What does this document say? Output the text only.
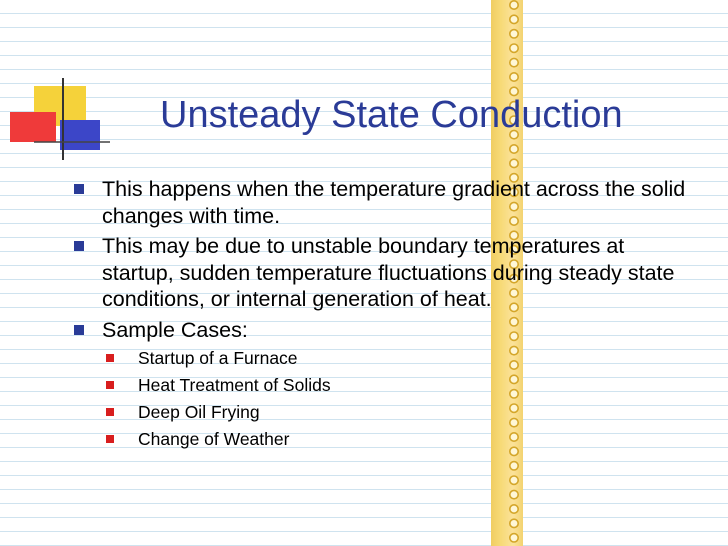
Unsteady State Conduction
This happens when the temperature gradient across the solid changes with time.
This may be due to unstable boundary temperatures at startup, sudden temperature fluctuations during steady state conditions, or internal generation of heat.
Sample Cases:
Startup of a Furnace
Heat Treatment of Solids
Deep Oil Frying
Change of Weather
